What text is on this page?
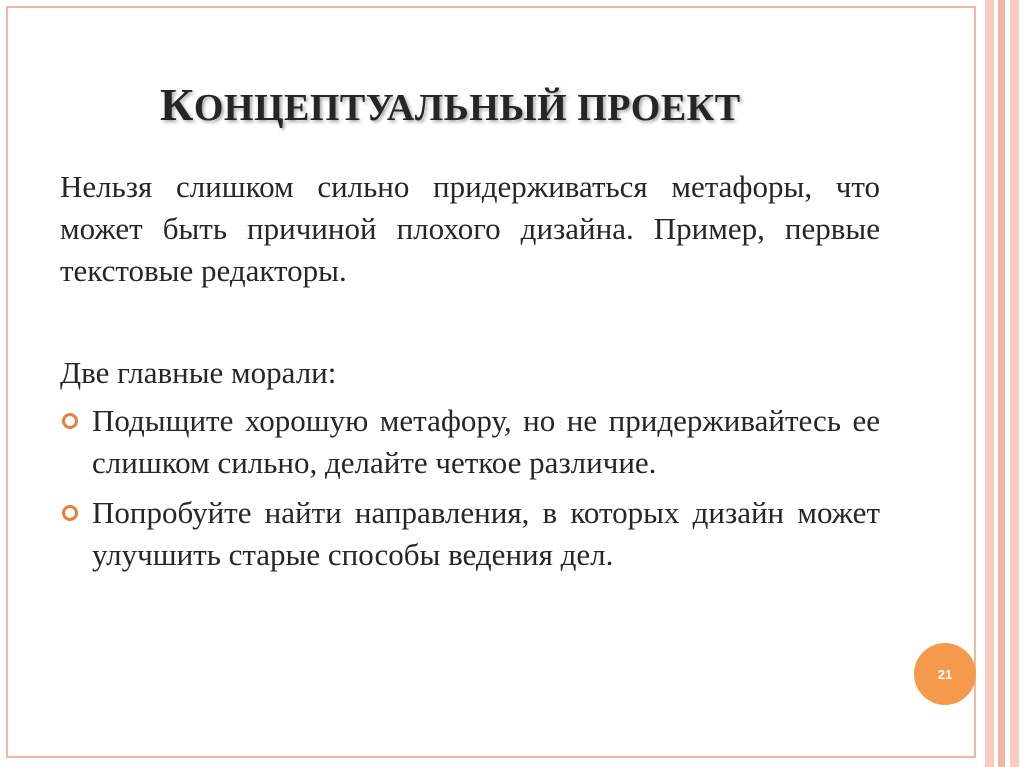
КОНЦЕПТУАЛЬНЫЙ ПРОЕКТ

Нельзя слишком сильно придерживаться метафоры, что может быть причиной плохого дизайна. Пример, первые текстовые редакторы.

Две главные морали:

Подыщите хорошую метафору, но не придерживайтесь ее слишком сильно, делайте четкое различие.
Попробуйте найти направления, в которых дизайн может улучшить старые способы ведения дел.
21
